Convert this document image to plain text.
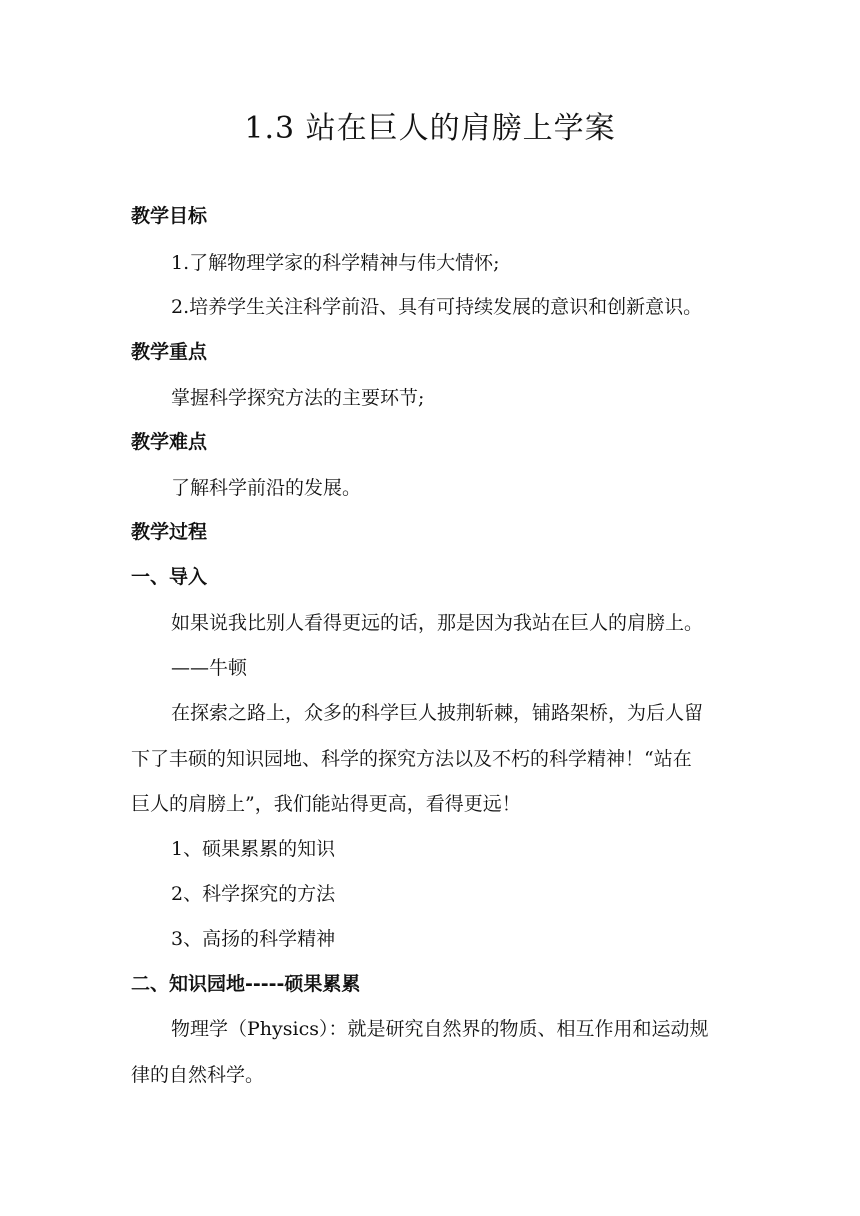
1.3 站在巨人的肩膀上学案
教学目标
1.了解物理学家的科学精神与伟大情怀;
2.培养学生关注科学前沿、具有可持续发展的意识和创新意识。
教学重点
掌握科学探究方法的主要环节;
教学难点
了解科学前沿的发展。
教学过程
一、导入
如果说我比别人看得更远的话，那是因为我站在巨人的肩膀上。
——牛顿
在探索之路上，众多的科学巨人披荆斩棘，铺路架桥，为后人留
下了丰硕的知识园地、科学的探究方法以及不朽的科学精神！“站在
巨人的肩膀上”，我们能站得更高，看得更远！
1、硕果累累的知识
2、科学探究的方法
3、高扬的科学精神
二、知识园地-----硕果累累
物理学（Physics）：就是研究自然界的物质、相互作用和运动规
律的自然科学。
